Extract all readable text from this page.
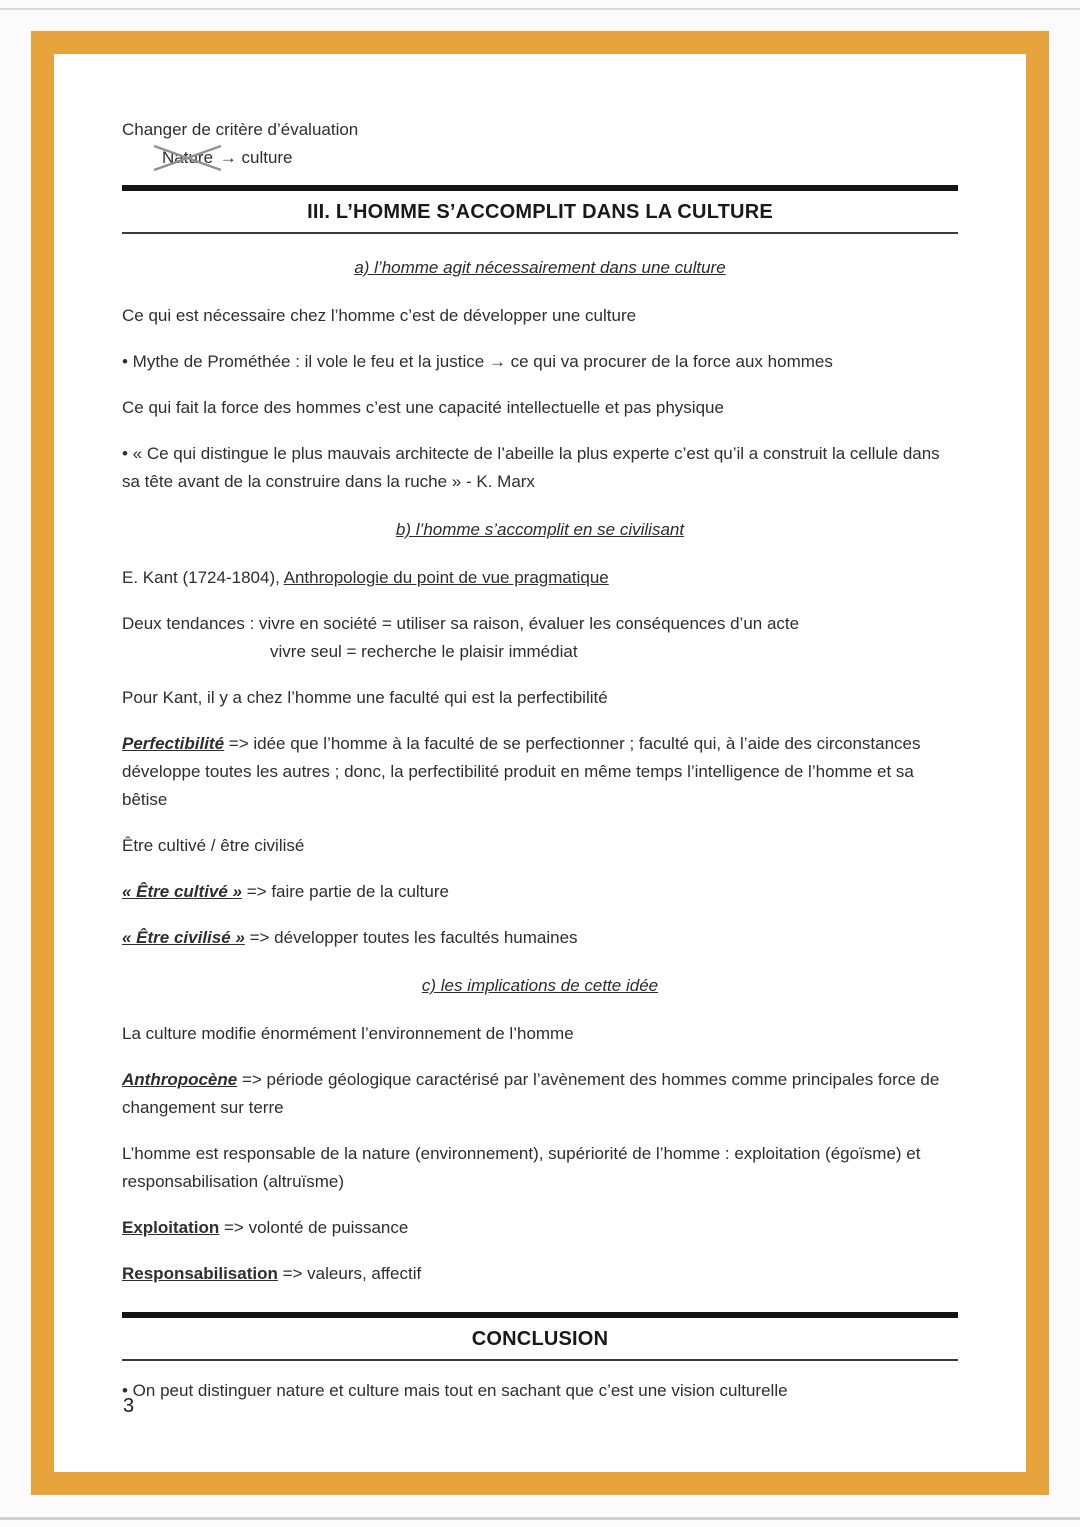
Changer de critère d’évaluation
Nature → culture
III. L’HOMME S’ACCOMPLIT DANS LA CULTURE
a) l’homme agit nécessairement dans une culture

Ce qui est nécessaire chez l’homme c’est de développer une culture

• Mythe de Prométhée : il vole le feu et la justice → ce qui va procurer de la force aux hommes

Ce qui fait la force des hommes c’est une capacité intellectuelle et pas physique

• « Ce qui distingue le plus mauvais architecte de l’abeille la plus experte c’est qu’il a construit la cellule dans sa tête avant de la construire dans la ruche » - K. Marx

b) l’homme s’accomplit en se civilisant

E. Kant (1724-1804), Anthropologie du point de vue pragmatique

Deux tendances : vivre en société = utiliser sa raison, évaluer les conséquences d’un acte
vivre seul = recherche le plaisir immédiat

Pour Kant, il y a chez l’homme une faculté qui est la perfectibilité

Perfectibilité => idée que l’homme à la faculté de se perfectionner ; faculté qui, à l’aide des circonstances développe toutes les autres ; donc, la perfectibilité produit en même temps l’intelligence de l’homme et sa bêtise

Être cultivé / être civilisé

« Être cultivé » => faire partie de la culture

« Être civilisé » => développer toutes les facultés humaines

c) les implications de cette idée

La culture modifie énormément l’environnement de l’homme

Anthropocène => période géologique caractérisé par l’avènement des hommes comme principales force de changement sur terre

L’homme est responsable de la nature (environnement), supériorité de l’homme : exploitation (égoïsme) et responsabilisation (altruïsme)

Exploitation => volonté de puissance

Responsabilisation => valeurs, affectif

CONCLUSION

• On peut distinguer nature et culture mais tout en sachant que c’est une vision culturelle

3
